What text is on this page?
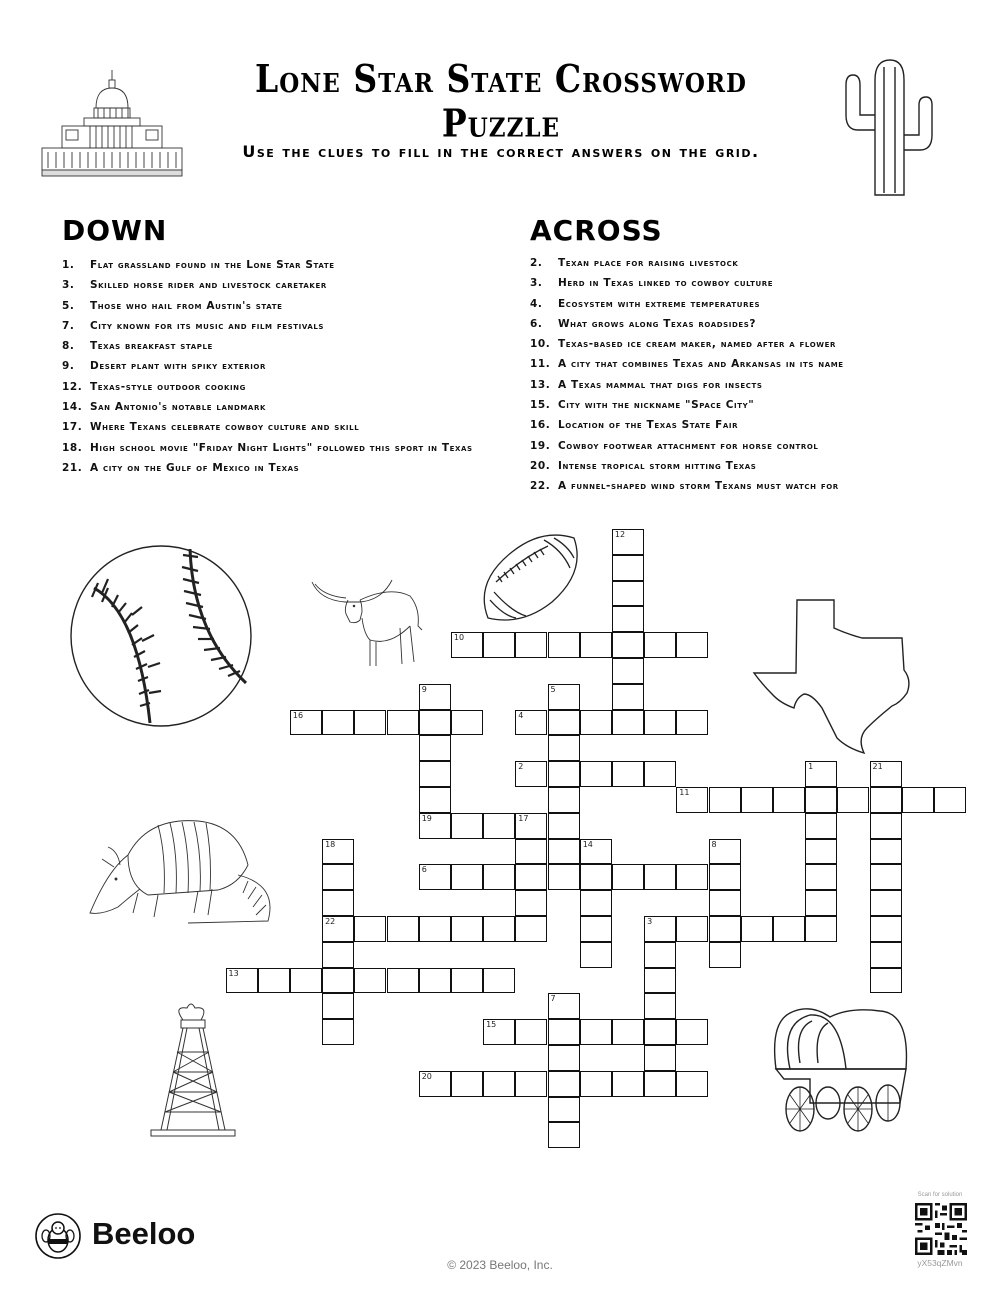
Lone Star State Crossword Puzzle
Use the clues to fill in the correct answers on the grid.
DOWN
1. Flat grassland found in the Lone Star State
3. Skilled horse rider and livestock caretaker
5. Those who hail from Austin's state
7. City known for its music and film festivals
8. Texas breakfast staple
9. Desert plant with spiky exterior
12. Texas-style outdoor cooking
14. San Antonio's notable landmark
17. Where Texans celebrate cowboy culture and skill
18. High school movie "Friday Night Lights" followed this sport in Texas
21. A city on the Gulf of Mexico in Texas
ACROSS
2. Texan place for raising livestock
3. Herd in Texas linked to cowboy culture
4. Ecosystem with extreme temperatures
6. What grows along Texas roadsides?
10. Texas-based ice cream maker, named after a flower
11. A city that combines Texas and Arkansas in its name
13. A Texas mammal that digs for insects
15. City with the nickname "Space City"
16. Location of the Texas State Fair
19. Cowboy footwear attachment for horse control
20. Intense tropical storm hitting Texas
22. A funnel-shaped wind storm Texans must watch for
12
10
9
19
5
16	4
2	1	21
11
17
18
22
14	8
6
3
13
7
15
20
Beeloo
© 2023 Beeloo, Inc.
Scan for solution
yX53qZMvn
